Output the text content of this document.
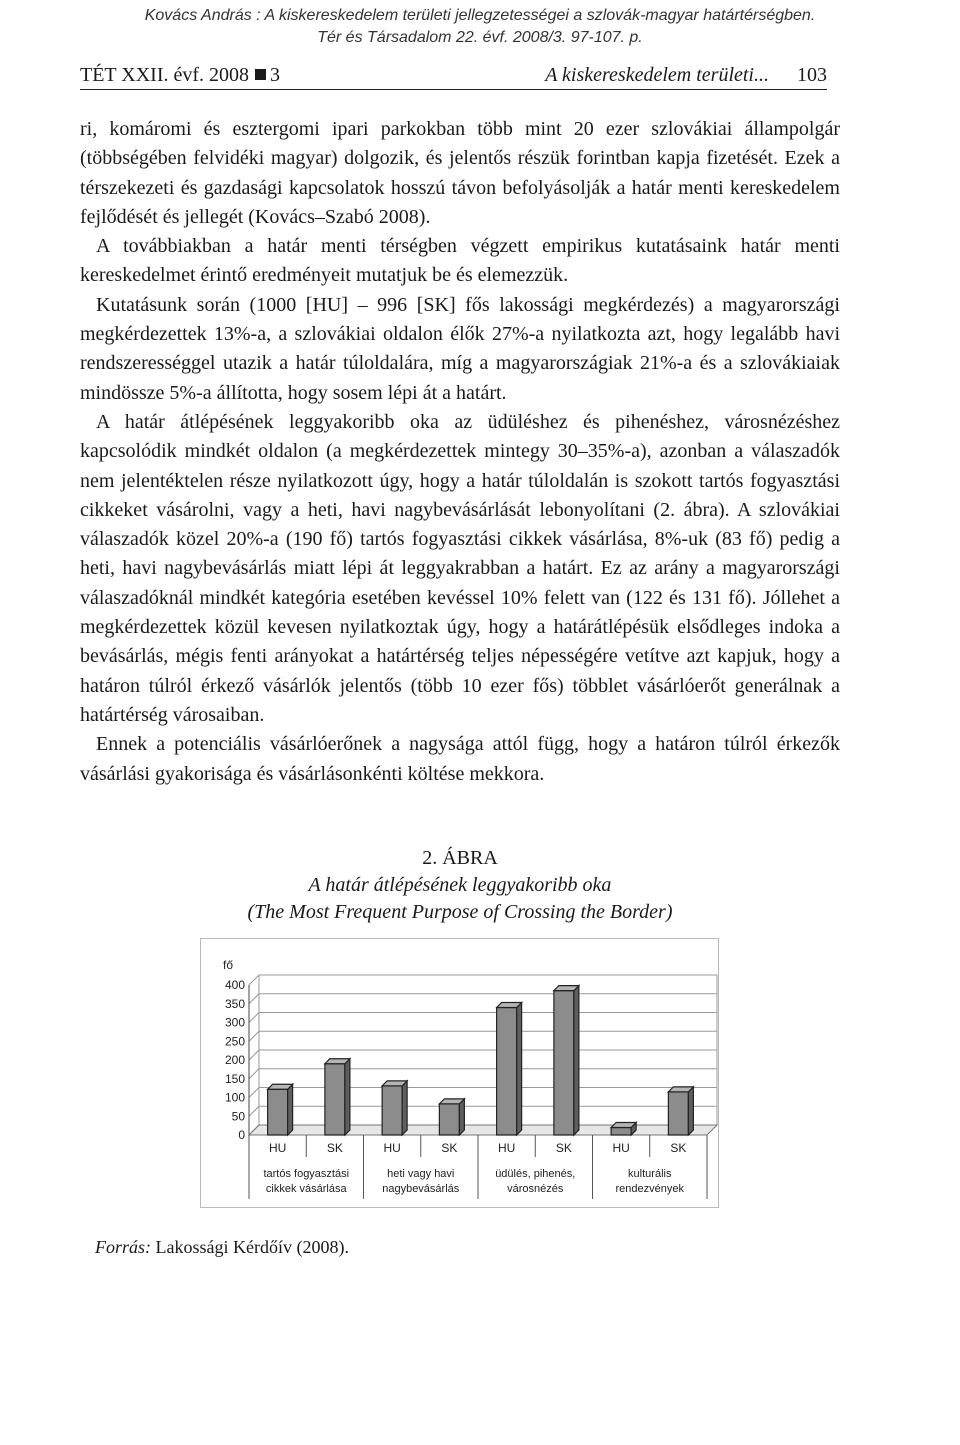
Kovács András : A kiskereskedelem területi jellegzetességei a szlovák-magyar határtérségben.
Tér és Társadalom 22. évf. 2008/3. 97-107. p.
TÉT XXII. évf. 2008 3	A kiskereskedelem területi... 103

ri, komáromi és esztergomi ipari parkokban több mint 20 ezer szlovákiai állampolgár (többségében felvidéki magyar) dolgozik, és jelentős részük forintban kapja fizetését. Ezek a térszekezeti és gazdasági kapcsolatok hosszú távon befolyásolják a határ menti kereskedelem fejlődését és jellegét (Kovács–Szabó 2008).

A továbbiakban a határ menti térségben végzett empirikus kutatásaink határ menti kereskedelmet érintő eredményeit mutatjuk be és elemezzük.

Kutatásunk során (1000 [HU] – 996 [SK] fős lakossági megkérdezés) a magyarországi megkérdezettek 13%-a, a szlovákiai oldalon élők 27%-a nyilatkozta azt, hogy legalább havi rendszerességgel utazik a határ túloldalára, míg a magyarországiak 21%-a és a szlovákiaiak mindössze 5%-a állította, hogy sosem lépi át a határt.

A határ átlépésének leggyakoribb oka az üdüléshez és pihenéshez, városnézéshez kapcsolódik mindkét oldalon (a megkérdezettek mintegy 30–35%-a), azonban a válaszadók nem jelentéktelen része nyilatkozott úgy, hogy a határ túloldalán is szokott tartós fogyasztási cikkeket vásárolni, vagy a heti, havi nagybevásárlását lebonyolítani (2. ábra). A szlovákiai válaszadók közel 20%-a (190 fő) tartós fogyasztási cikkek vásárlása, 8%-uk (83 fő) pedig a heti, havi nagybevásárlás miatt lépi át leggyakrabban a határt. Ez az arány a magyarországi válaszadóknál mindkét kategória esetében kevéssel 10% felett van (122 és 131 fő). Jóllehet a megkérdezettek közül kevesen nyilatkoztak úgy, hogy a határátlépésük elsődleges indoka a bevásárlás, mégis fenti arányokat a határtérség teljes népességére vetítve azt kapjuk, hogy a határon túlról érkező vásárlók jelentős (több 10 ezer fős) többlet vásárlóerőt generálnak a határtérség városaiban.

Ennek a potenciális vásárlóerőnek a nagysága attól függ, hogy a határon túlról érkezők vásárlási gyakorisága és vásárlásonkénti költése mekkora.

2. ÁBRA
A határ átlépésének leggyakoribb oka
(The Most Frequent Purpose of Crossing the Border)
0
50
100
150
200
250
300
350
400
fő
HU	SK	HU	SK	HU	SK	HU	SK
tartós fogyasztási
cikkek vásárlása
heti vagy havi
nagybevásárlás
üdülés, pihenés,
városnézés
kulturális
rendezvények
Forrás: Lakossági Kérdőív (2008).
